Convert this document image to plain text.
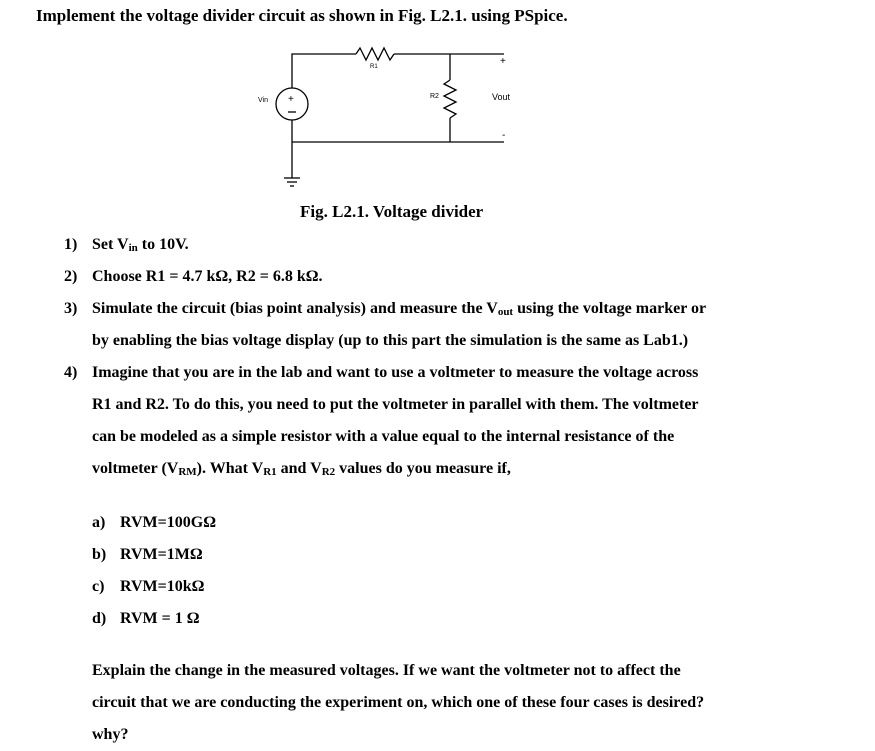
Implement the voltage divider circuit as shown in Fig. L2.1. using PSpice.
+
R1
R2
Vin	Vout
+
-
Fig. L2.1. Voltage divider
1) Set Vin to 10V.
2) Choose R1 = 4.7 kΩ, R2 = 6.8 kΩ.
3) Simulate the circuit (bias point analysis) and measure the Vout using the voltage marker or
by enabling the bias voltage display (up to this part the simulation is the same as Lab1.)
4) Imagine that you are in the lab and want to use a voltmeter to measure the voltage across
R1 and R2. To do this, you need to put the voltmeter in parallel with them. The voltmeter
can be modeled as a simple resistor with a value equal to the internal resistance of the
voltmeter (VRM). What VR1 and VR2 values do you measure if,
a) RVM=100GΩ
b) RVM=1MΩ
c) RVM=10kΩ
d) RVM = 1 Ω
Explain the change in the measured voltages. If we want the voltmeter not to affect the
circuit that we are conducting the experiment on, which one of these four cases is desired?
why?
